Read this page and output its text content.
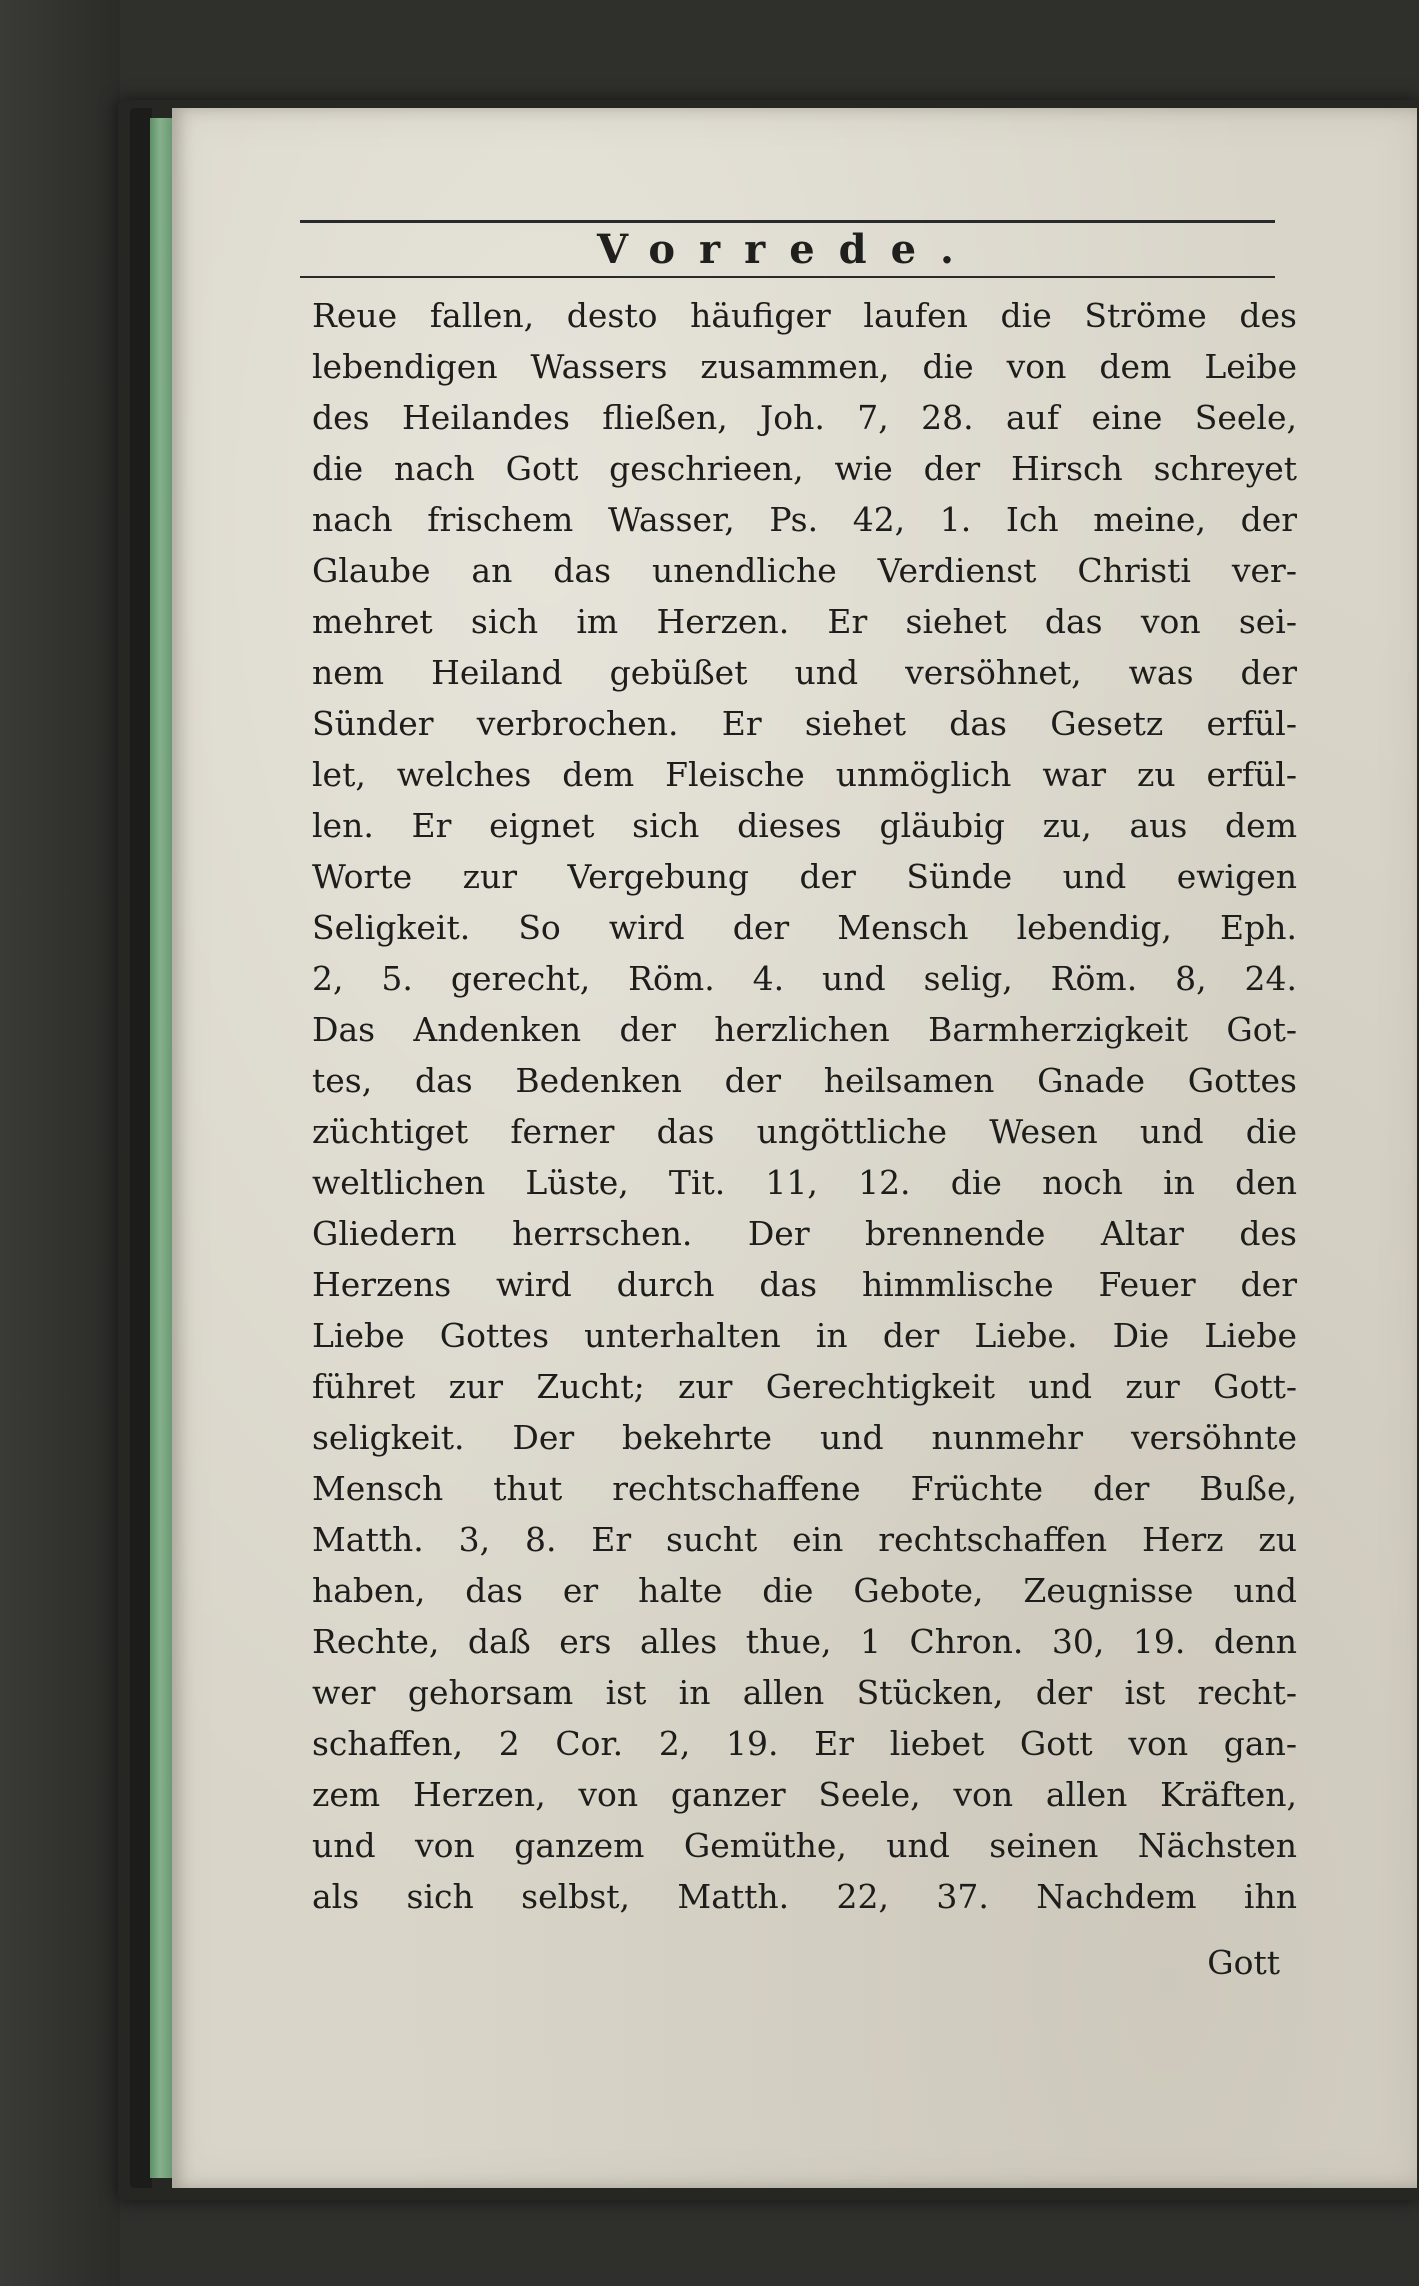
Vorrede.
Reue fallen, desto häufiger laufen die Ströme des
lebendigen Wassers zusammen, die von dem Leibe
des Heilandes fließen, Joh. 7, 28. auf eine Seele,
die nach Gott geschrieen, wie der Hirsch schreyet
nach frischem Wasser, Ps. 42, 1. Ich meine, der
Glaube an das unendliche Verdienst Christi ver-
mehret sich im Herzen. Er siehet das von sei-
nem Heiland gebüßet und versöhnet, was der
Sünder verbrochen. Er siehet das Gesetz erfül-
let, welches dem Fleische unmöglich war zu erfül-
len. Er eignet sich dieses gläubig zu, aus dem
Worte zur Vergebung der Sünde und ewigen
Seligkeit. So wird der Mensch lebendig, Eph.
2, 5. gerecht, Röm. 4. und selig, Röm. 8, 24.
Das Andenken der herzlichen Barmherzigkeit Got-
tes, das Bedenken der heilsamen Gnade Gottes
züchtiget ferner das ungöttliche Wesen und die
weltlichen Lüste, Tit. 11, 12. die noch in den
Gliedern herrschen. Der brennende Altar des
Herzens wird durch das himmlische Feuer der
Liebe Gottes unterhalten in der Liebe. Die Liebe
führet zur Zucht; zur Gerechtigkeit und zur Gott-
seligkeit. Der bekehrte und nunmehr versöhnte
Mensch thut rechtschaffene Früchte der Buße,
Matth. 3, 8. Er sucht ein rechtschaffen Herz zu
haben, das er halte die Gebote, Zeugnisse und
Rechte, daß ers alles thue, 1 Chron. 30, 19. denn
wer gehorsam ist in allen Stücken, der ist recht-
schaffen, 2 Cor. 2, 19. Er liebet Gott von gan-
zem Herzen, von ganzer Seele, von allen Kräften,
und von ganzem Gemüthe, und seinen Nächsten
als sich selbst, Matth. 22, 37. Nachdem ihn
Gott
